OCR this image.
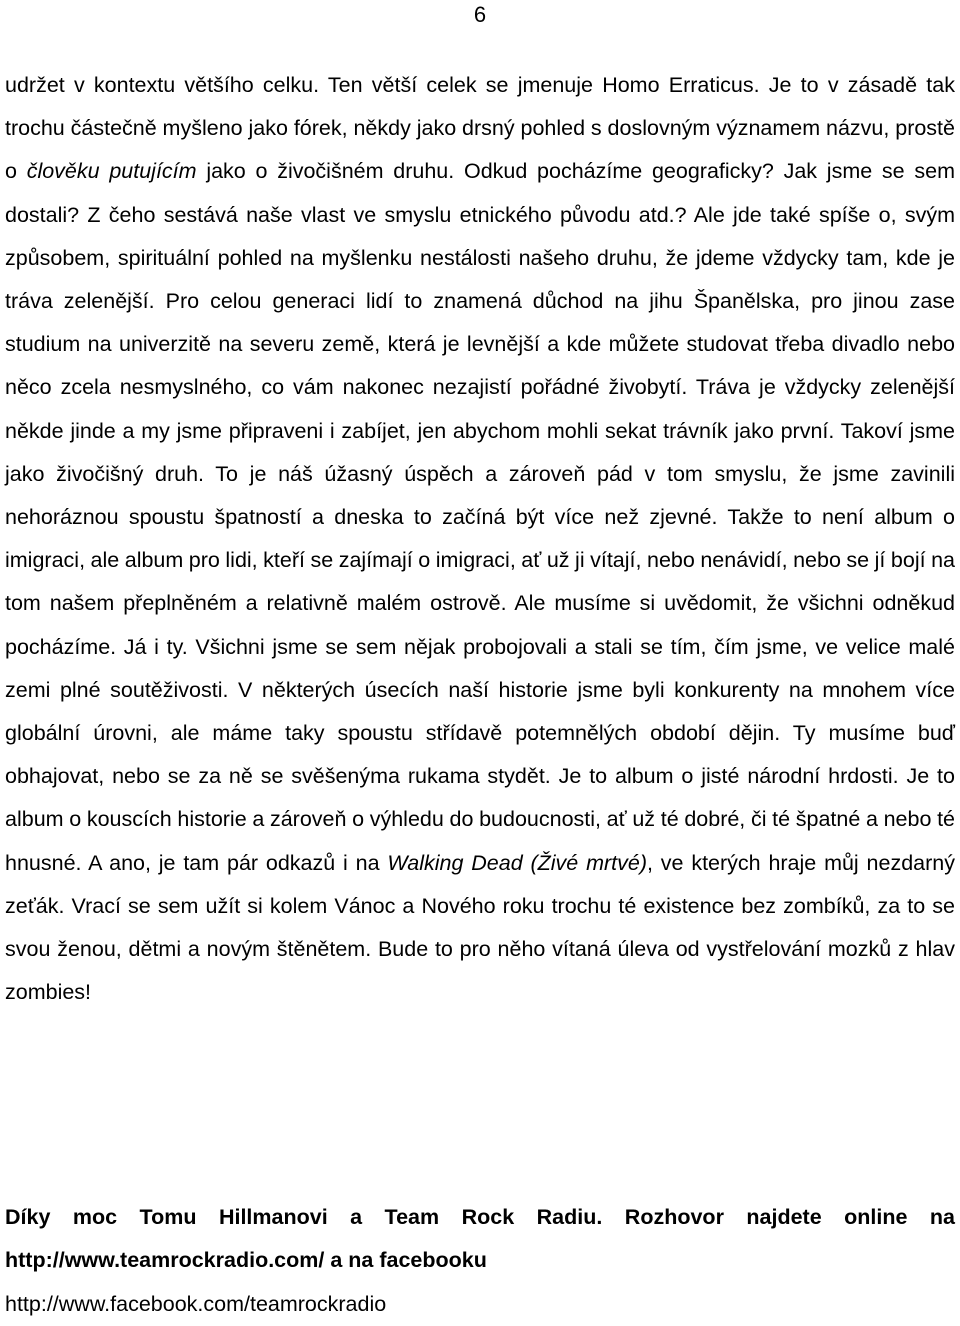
6

udržet v kontextu většího celku. Ten větší celek se jmenuje Homo Erraticus. Je to v zásadě tak trochu částečně myšleno jako fórek, někdy jako drsný pohled s doslovným významem názvu, prostě o člověku putujícím jako o živočišném druhu. Odkud pocházíme geograficky? Jak jsme se sem dostali? Z čeho sestává naše vlast ve smyslu etnického původu atd.? Ale jde také spíše o, svým způsobem, spirituální pohled na myšlenku nestálosti našeho druhu, že jdeme vždycky tam, kde je tráva zelenější. Pro celou generaci lidí to znamená důchod na jihu Španělska, pro jinou zase studium na univerzitě na severu země, která je levnější a kde můžete studovat třeba divadlo nebo něco zcela nesmyslného, co vám nakonec nezajistí pořádné živobytí. Tráva je vždycky zelenější někde jinde a my jsme připraveni i zabíjet, jen abychom mohli sekat trávník jako první. Takoví jsme jako živočišný druh. To je náš úžasný úspěch a zároveň pád v tom smyslu, že jsme zavinili nehoráznou spoustu špatností a dneska to začíná být více než zjevné. Takže to není album o imigraci, ale album pro lidi, kteří se zajímají o imigraci, ať už ji vítají, nebo nenávidí, nebo se jí bojí na tom našem přeplněném a relativně malém ostrově. Ale musíme si uvědomit, že všichni odněkud pocházíme. Já i ty. Všichni jsme se sem nějak probojovali a stali se tím, čím jsme, ve velice malé zemi plné soutěživosti. V některých úsecích naší historie jsme byli konkurenty na mnohem více globální úrovni, ale máme taky spoustu střídavě potemnělých období dějin. Ty musíme buď obhajovat, nebo se za ně se svěšenýma rukama stydět. Je to album o jisté národní hrdosti. Je to album o kouscích historie a zároveň o výhledu do budoucnosti, ať už té dobré, či té špatné a nebo té hnusné. A ano, je tam pár odkazů i na Walking Dead (Živé mrtvé), ve kterých hraje můj nezdarný zeťák. Vrací se sem užít si kolem Vánoc a Nového roku trochu té existence bez zombíků, za to se svou ženou, dětmi a novým štěnětem. Bude to pro něho vítaná úleva od vystřelování mozků z hlav zombies!

Díky moc Tomu Hillmanovi a Team Rock Radiu. Rozhovor najdete online na http://www.teamrockradio.com/ a na facebooku

http://www.facebook.com/teamrockradio
